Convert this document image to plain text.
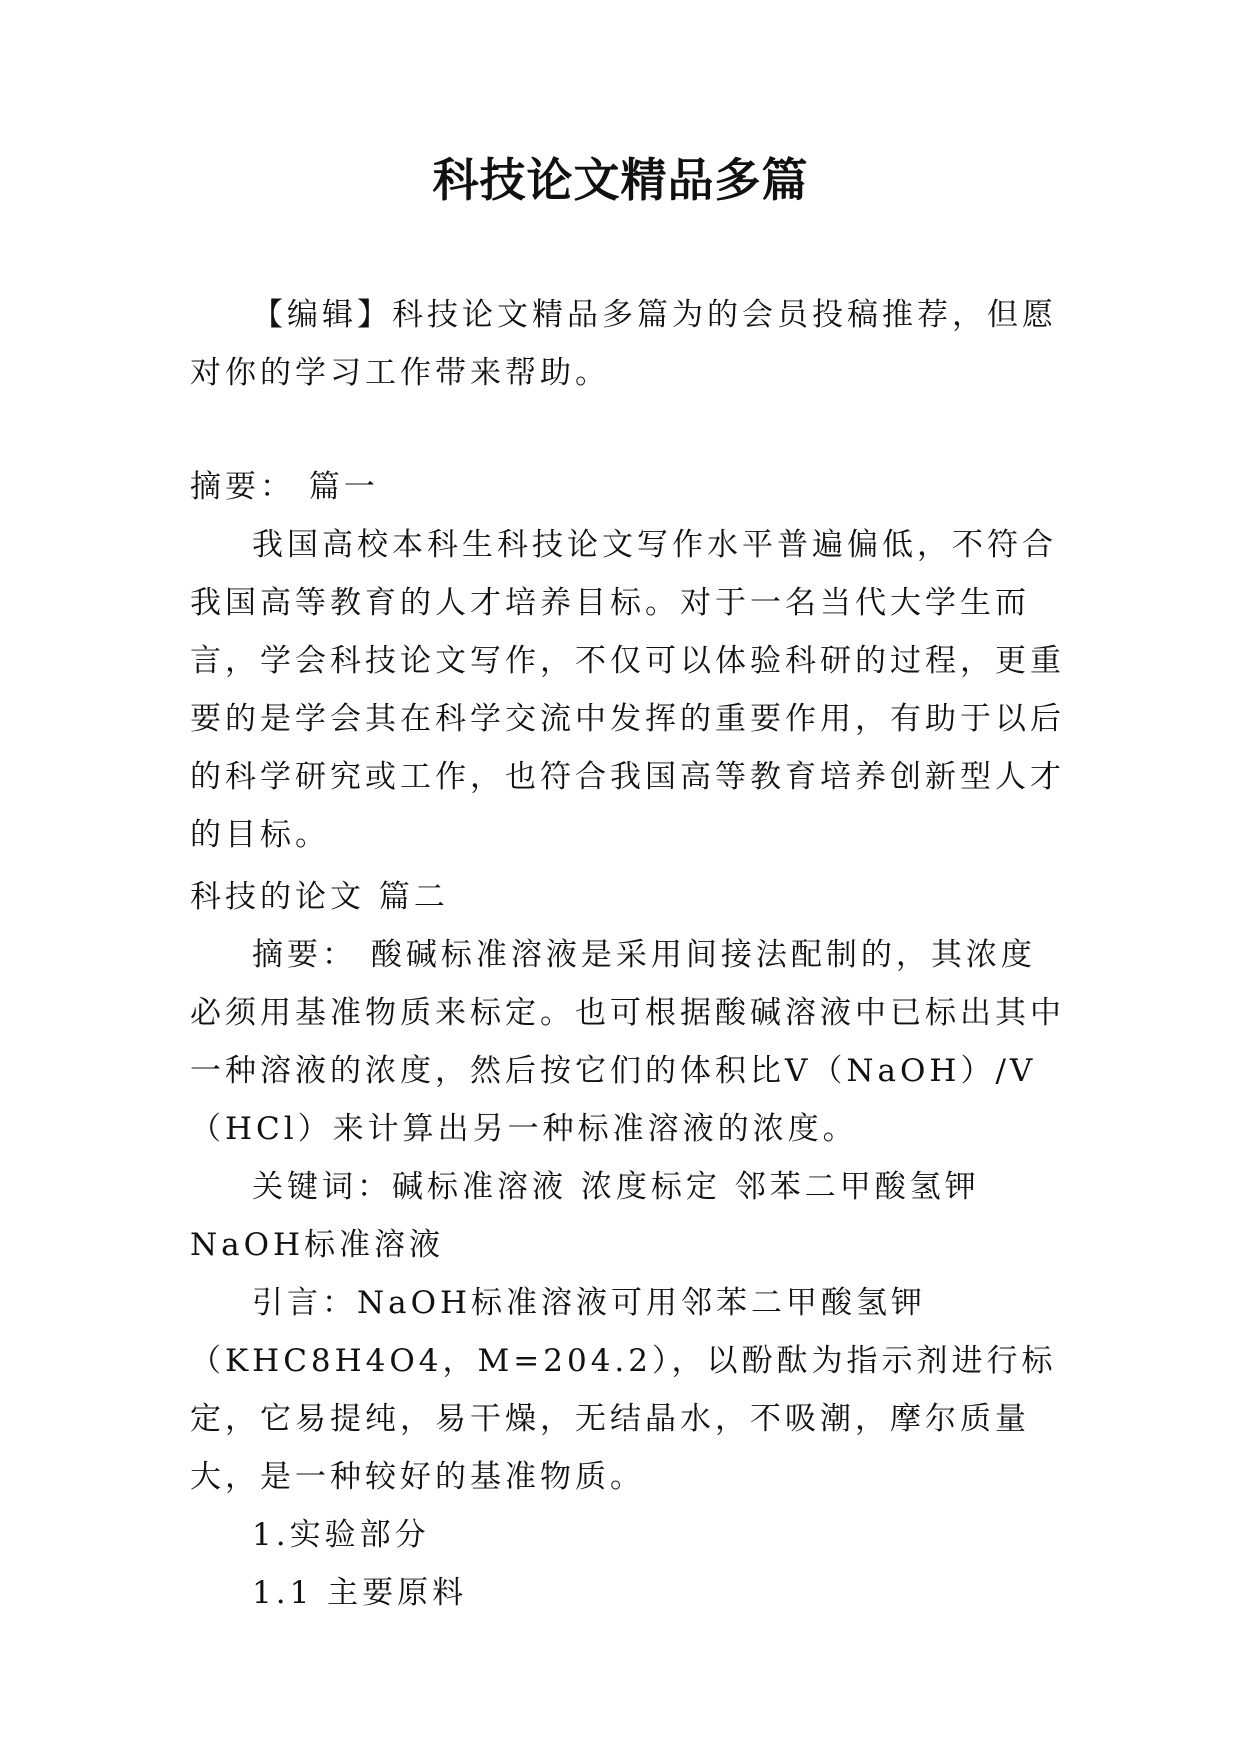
科技论文精品多篇

【编辑】科技论文精品多篇为的会员投稿推荐，但愿对你的学习工作带来帮助。

摘要： 篇一

我国高校本科生科技论文写作水平普遍偏低，不符合我国高等教育的人才培养目标。对于一名当代大学生而言，学会科技论文写作，不仅可以体验科研的过程，更重要的是学会其在科学交流中发挥的重要作用，有助于以后的科学研究或工作，也符合我国高等教育培养创新型人才的目标。

科技的论文 篇二

摘要： 酸碱标准溶液是采用间接法配制的，其浓度必须用基准物质来标定。也可根据酸碱溶液中已标出其中一种溶液的浓度，然后按它们的体积比V（NaOH）/V（HCl）来计算出另一种标准溶液的浓度。

关键词：碱标准溶液 浓度标定 邻苯二甲酸氢钾 NaOH标准溶液

引言：NaOH标准溶液可用邻苯二甲酸氢钾（KHC8H4O4，M=204.2），以酚酞为指示剂进行标定，它易提纯，易干燥，无结晶水，不吸潮，摩尔质量大，是一种较好的基准物质。

1.实验部分

1.1 主要原料
